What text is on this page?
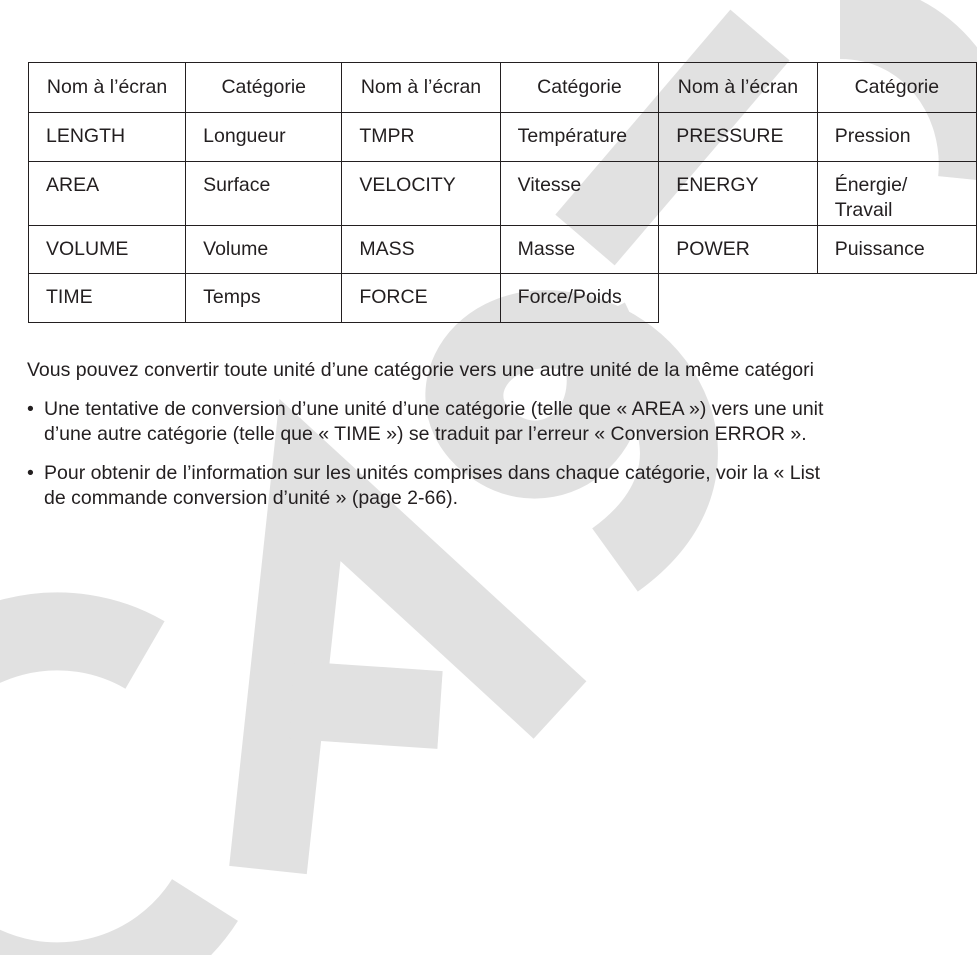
Nom à l’écran	Catégorie	Nom à l’écran	Catégorie	Nom à l’écran	Catégorie
LENGTH	Longueur	TMPR	Température	PRESSURE	Pression
AREA	Surface	VELOCITY	Vitesse	ENERGY	Énergie/
Travail
VOLUME	Volume	MASS	Masse	POWER	Puissance
TIME	Temps	FORCE	Force/Poids		
Vous pouvez convertir toute unité d’une catégorie vers une autre unité de la même catégori
• Une tentative de conversion d’une unité d’une catégorie (telle que « AREA ») vers une unit
d’une autre catégorie (telle que « TIME ») se traduit par l’erreur « Conversion ERROR ».
• Pour obtenir de l’information sur les unités comprises dans chaque catégorie, voir la « List
de commande conversion d’unité » (page 2-66).
